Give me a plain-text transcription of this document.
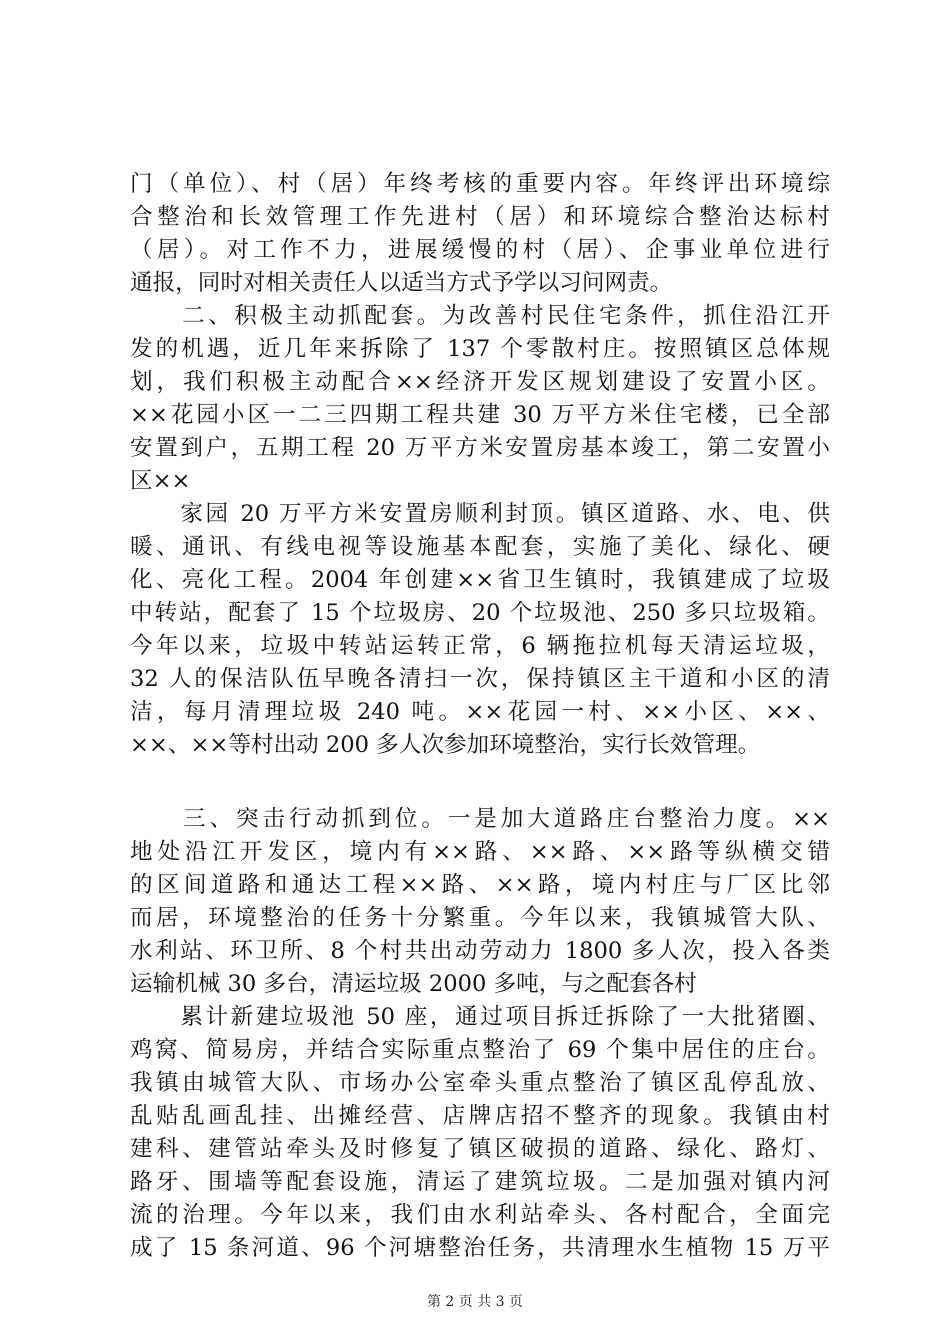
门（单位）、村（居）年终考核的重要内容。年终评出环境综
合整治和长效管理工作先进村（居）和环境综合整治达标村
（居）。对工作不力，进展缓慢的村（居）、企事业单位进行
通报，同时对相关责任人以适当方式予学以习问网责。
　　二、积极主动抓配套。为改善村民住宅条件，抓住沿江开
发的机遇，近几年来拆除了 137 个零散村庄。按照镇区总体规
划，我们积极主动配合××经济开发区规划建设了安置小区。
××花园小区一二三四期工程共建 30 万平方米住宅楼，已全部
安置到户，五期工程 20 万平方米安置房基本竣工，第二安置小
区××
　　家园 20 万平方米安置房顺利封顶。镇区道路、水、电、供
暖、通讯、有线电视等设施基本配套，实施了美化、绿化、硬
化、亮化工程。2004 年创建××省卫生镇时，我镇建成了垃圾
中转站，配套了 15 个垃圾房、20 个垃圾池、250 多只垃圾箱。
今年以来，垃圾中转站运转正常，6 辆拖拉机每天清运垃圾，
32 人的保洁队伍早晚各清扫一次，保持镇区主干道和小区的清
洁，每月清理垃圾 240 吨。××花园一村、××小区、××、
××、××等村出动 200 多人次参加环境整治，实行长效管理。
　　三、突击行动抓到位。一是加大道路庄台整治力度。××
地处沿江开发区，境内有××路、××路、××路等纵横交错
的区间道路和通达工程××路、××路，境内村庄与厂区比邻
而居，环境整治的任务十分繁重。今年以来，我镇城管大队、
水利站、环卫所、8 个村共出动劳动力 1800 多人次，投入各类
运输机械 30 多台，清运垃圾 2000 多吨，与之配套各村
　　累计新建垃圾池 50 座，通过项目拆迁拆除了一大批猪圈、
鸡窝、简易房，并结合实际重点整治了 69 个集中居住的庄台。
我镇由城管大队、市场办公室牵头重点整治了镇区乱停乱放、
乱贴乱画乱挂、出摊经营、店牌店招不整齐的现象。我镇由村
建科、建管站牵头及时修复了镇区破损的道路、绿化、路灯、
路牙、围墙等配套设施，清运了建筑垃圾。二是加强对镇内河
流的治理。今年以来，我们由水利站牵头、各村配合，全面完
成了 15 条河道、96 个河塘整治任务，共清理水生植物 15 万平
第 2 页 共 3 页
